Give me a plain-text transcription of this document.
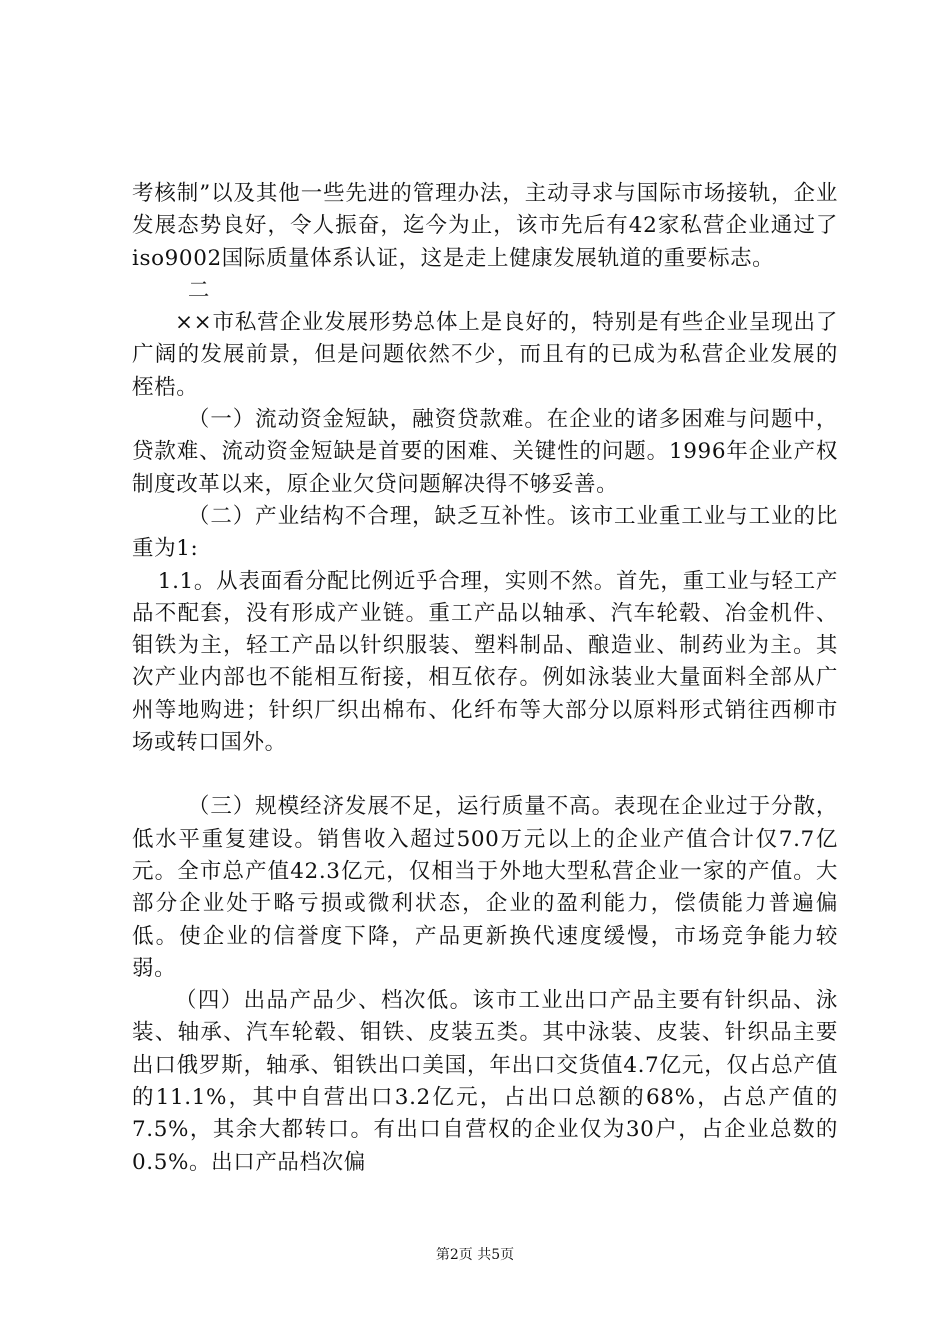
考核制”以及其他一些先进的管理办法，主动寻求与国际市场接轨，企业发展态势良好，令人振奋，迄今为止，该市先后有42家私营企业通过了iso9002国际质量体系认证，这是走上健康发展轨道的重要标志。

二

××市私营企业发展形势总体上是良好的，特别是有些企业呈现出了广阔的发展前景，但是问题依然不少，而且有的已成为私营企业发展的桎梏。

（一）流动资金短缺，融资贷款难。在企业的诸多困难与问题中，贷款难、流动资金短缺是首要的困难、关键性的问题。1996年企业产权制度改革以来，原企业欠贷问题解决得不够妥善。

（二）产业结构不合理，缺乏互补性。该市工业重工业与工业的比重为1:

1.1。从表面看分配比例近乎合理，实则不然。首先，重工业与轻工产品不配套，没有形成产业链。重工产品以轴承、汽车轮毂、冶金机件、钼铁为主，轻工产品以针织服装、塑料制品、酿造业、制药业为主。其次产业内部也不能相互衔接，相互依存。例如泳装业大量面料全部从广州等地购进；针织厂织出棉布、化纤布等大部分以原料形式销往西柳市场或转口国外。

（三）规模经济发展不足，运行质量不高。表现在企业过于分散，低水平重复建设。销售收入超过500万元以上的企业产值合计仅7.7亿元。全市总产值42.3亿元，仅相当于外地大型私营企业一家的产值。大部分企业处于略亏损或微利状态，企业的盈利能力，偿债能力普遍偏低。使企业的信誉度下降，产品更新换代速度缓慢，市场竞争能力较弱。

（四）出品产品少、档次低。该市工业出口产品主要有针织品、泳装、轴承、汽车轮毂、钼铁、皮装五类。其中泳装、皮装、针织品主要出口俄罗斯，轴承、钼铁出口美国，年出口交货值4.7亿元，仅占总产值的11.1%，其中自营出口3.2亿元，占出口总额的68%，占总产值的7.5%，其余大都转口。有出口自营权的企业仅为30户，占企业总数的0.5%。出口产品档次偏

第2页 共5页
